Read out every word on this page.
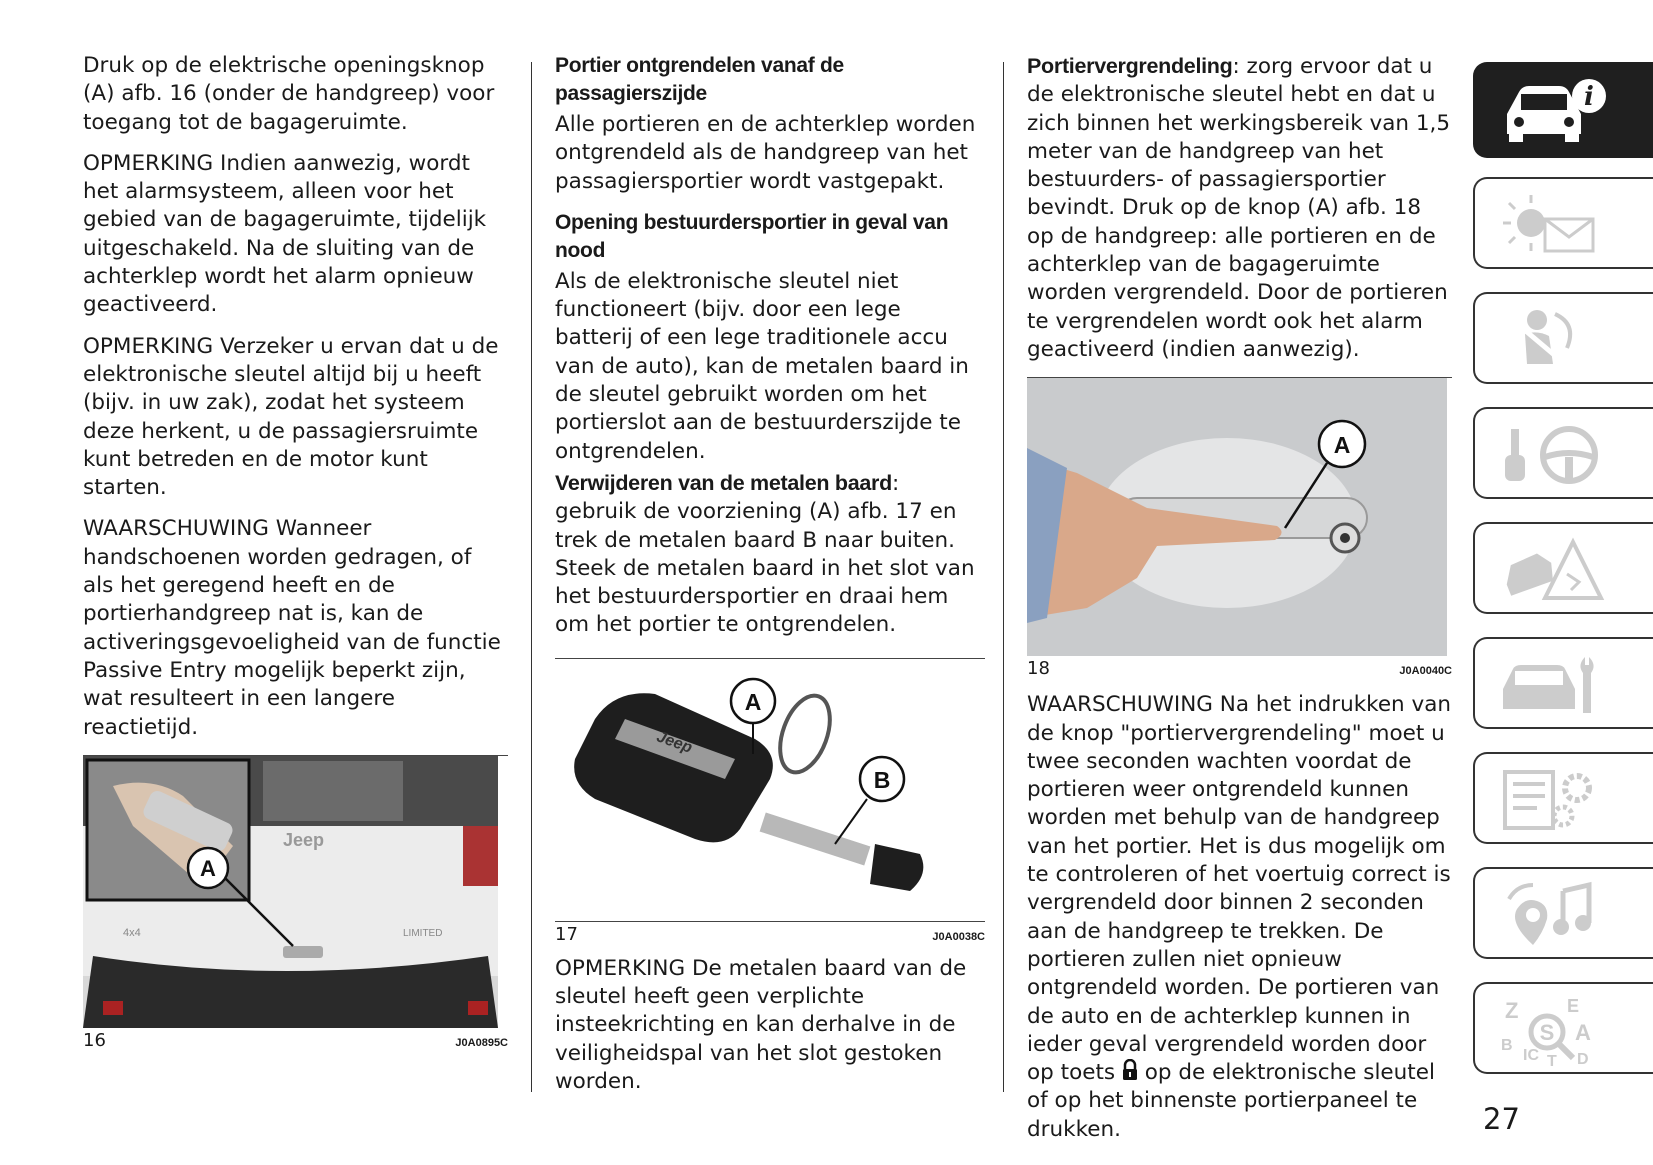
Druk op de elektrische openingsknop (A) afb. 16 (onder de handgreep) voor toegang tot de bagageruimte.

OPMERKING Indien aanwezig, wordt het alarmsysteem, alleen voor het gebied van de bagageruimte, tijdelijk uitgeschakeld. Na de sluiting van de achterklep wordt het alarm opnieuw geactiveerd.

OPMERKING Verzeker u ervan dat u de elektronische sleutel altijd bij u heeft (bijv. in uw zak), zodat het systeem deze herkent, u de passagiersruimte kunt betreden en de motor kunt starten.

WAARSCHUWING Wanneer handschoenen worden gedragen, of als het geregend heeft en de portierhandgreep nat is, kan de activeringsgevoeligheid van de functie Passive Entry mogelijk beperkt zijn, wat resulteert in een langere reactietijd.

Jeep
4x4	LIMITED
A
16	J0A0895C
Portier ontgrendelen vanaf de passagierszijde

Alle portieren en de achterklep worden ontgrendeld als de handgreep van het passagiersportier wordt vastgepakt.

Opening bestuurdersportier in geval van nood

Als de elektronische sleutel niet functioneert (bijv. door een lege batterij of een lege traditionele accu van de auto), kan de metalen baard in de sleutel gebruikt worden om het portierslot aan de bestuurderszijde te ontgrendelen.

Verwijderen van de metalen baard: gebruik de voorziening (A) afb. 17 en trek de metalen baard B naar buiten. Steek de metalen baard in het slot van het bestuurdersportier en draai hem om het portier te ontgrendelen.

Jeep
A
B
17	J0A0038C

OPMERKING De metalen baard van de sleutel heeft geen verplichte insteekrichting en kan derhalve in de veiligheidspal van het slot gestoken worden.

Portiervergrendeling: zorg ervoor dat u de elektronische sleutel hebt en dat u zich binnen het werkingsbereik van 1,5 meter van de handgreep van het bestuurders- of passagiersportier bevindt. Druk op de knop (A) afb. 18 op de handgreep: alle portieren en de achterklep van de bagageruimte worden vergrendeld. Door de portieren te vergrendelen wordt ook het alarm geactiveerd (indien aanwezig).

A
18	J0A0040C

WAARSCHUWING Na het indrukken van de knop "portiervergrendeling" moet u twee seconden wachten voordat de portieren weer ontgrendeld kunnen worden met behulp van de handgreep van het portier. Het is dus mogelijk om te controleren of het voertuig correct is vergrendeld door binnen 2 seconden aan de handgreep te trekken. De portieren zullen niet opnieuw ontgrendeld worden. De portieren van de auto en de achterklep kunnen in ieder geval vergrendeld worden door op toets  op de elektronische sleutel of op het binnenste portierpaneel te drukken.

i
Z	E
B
IC T
A
D
S
27
